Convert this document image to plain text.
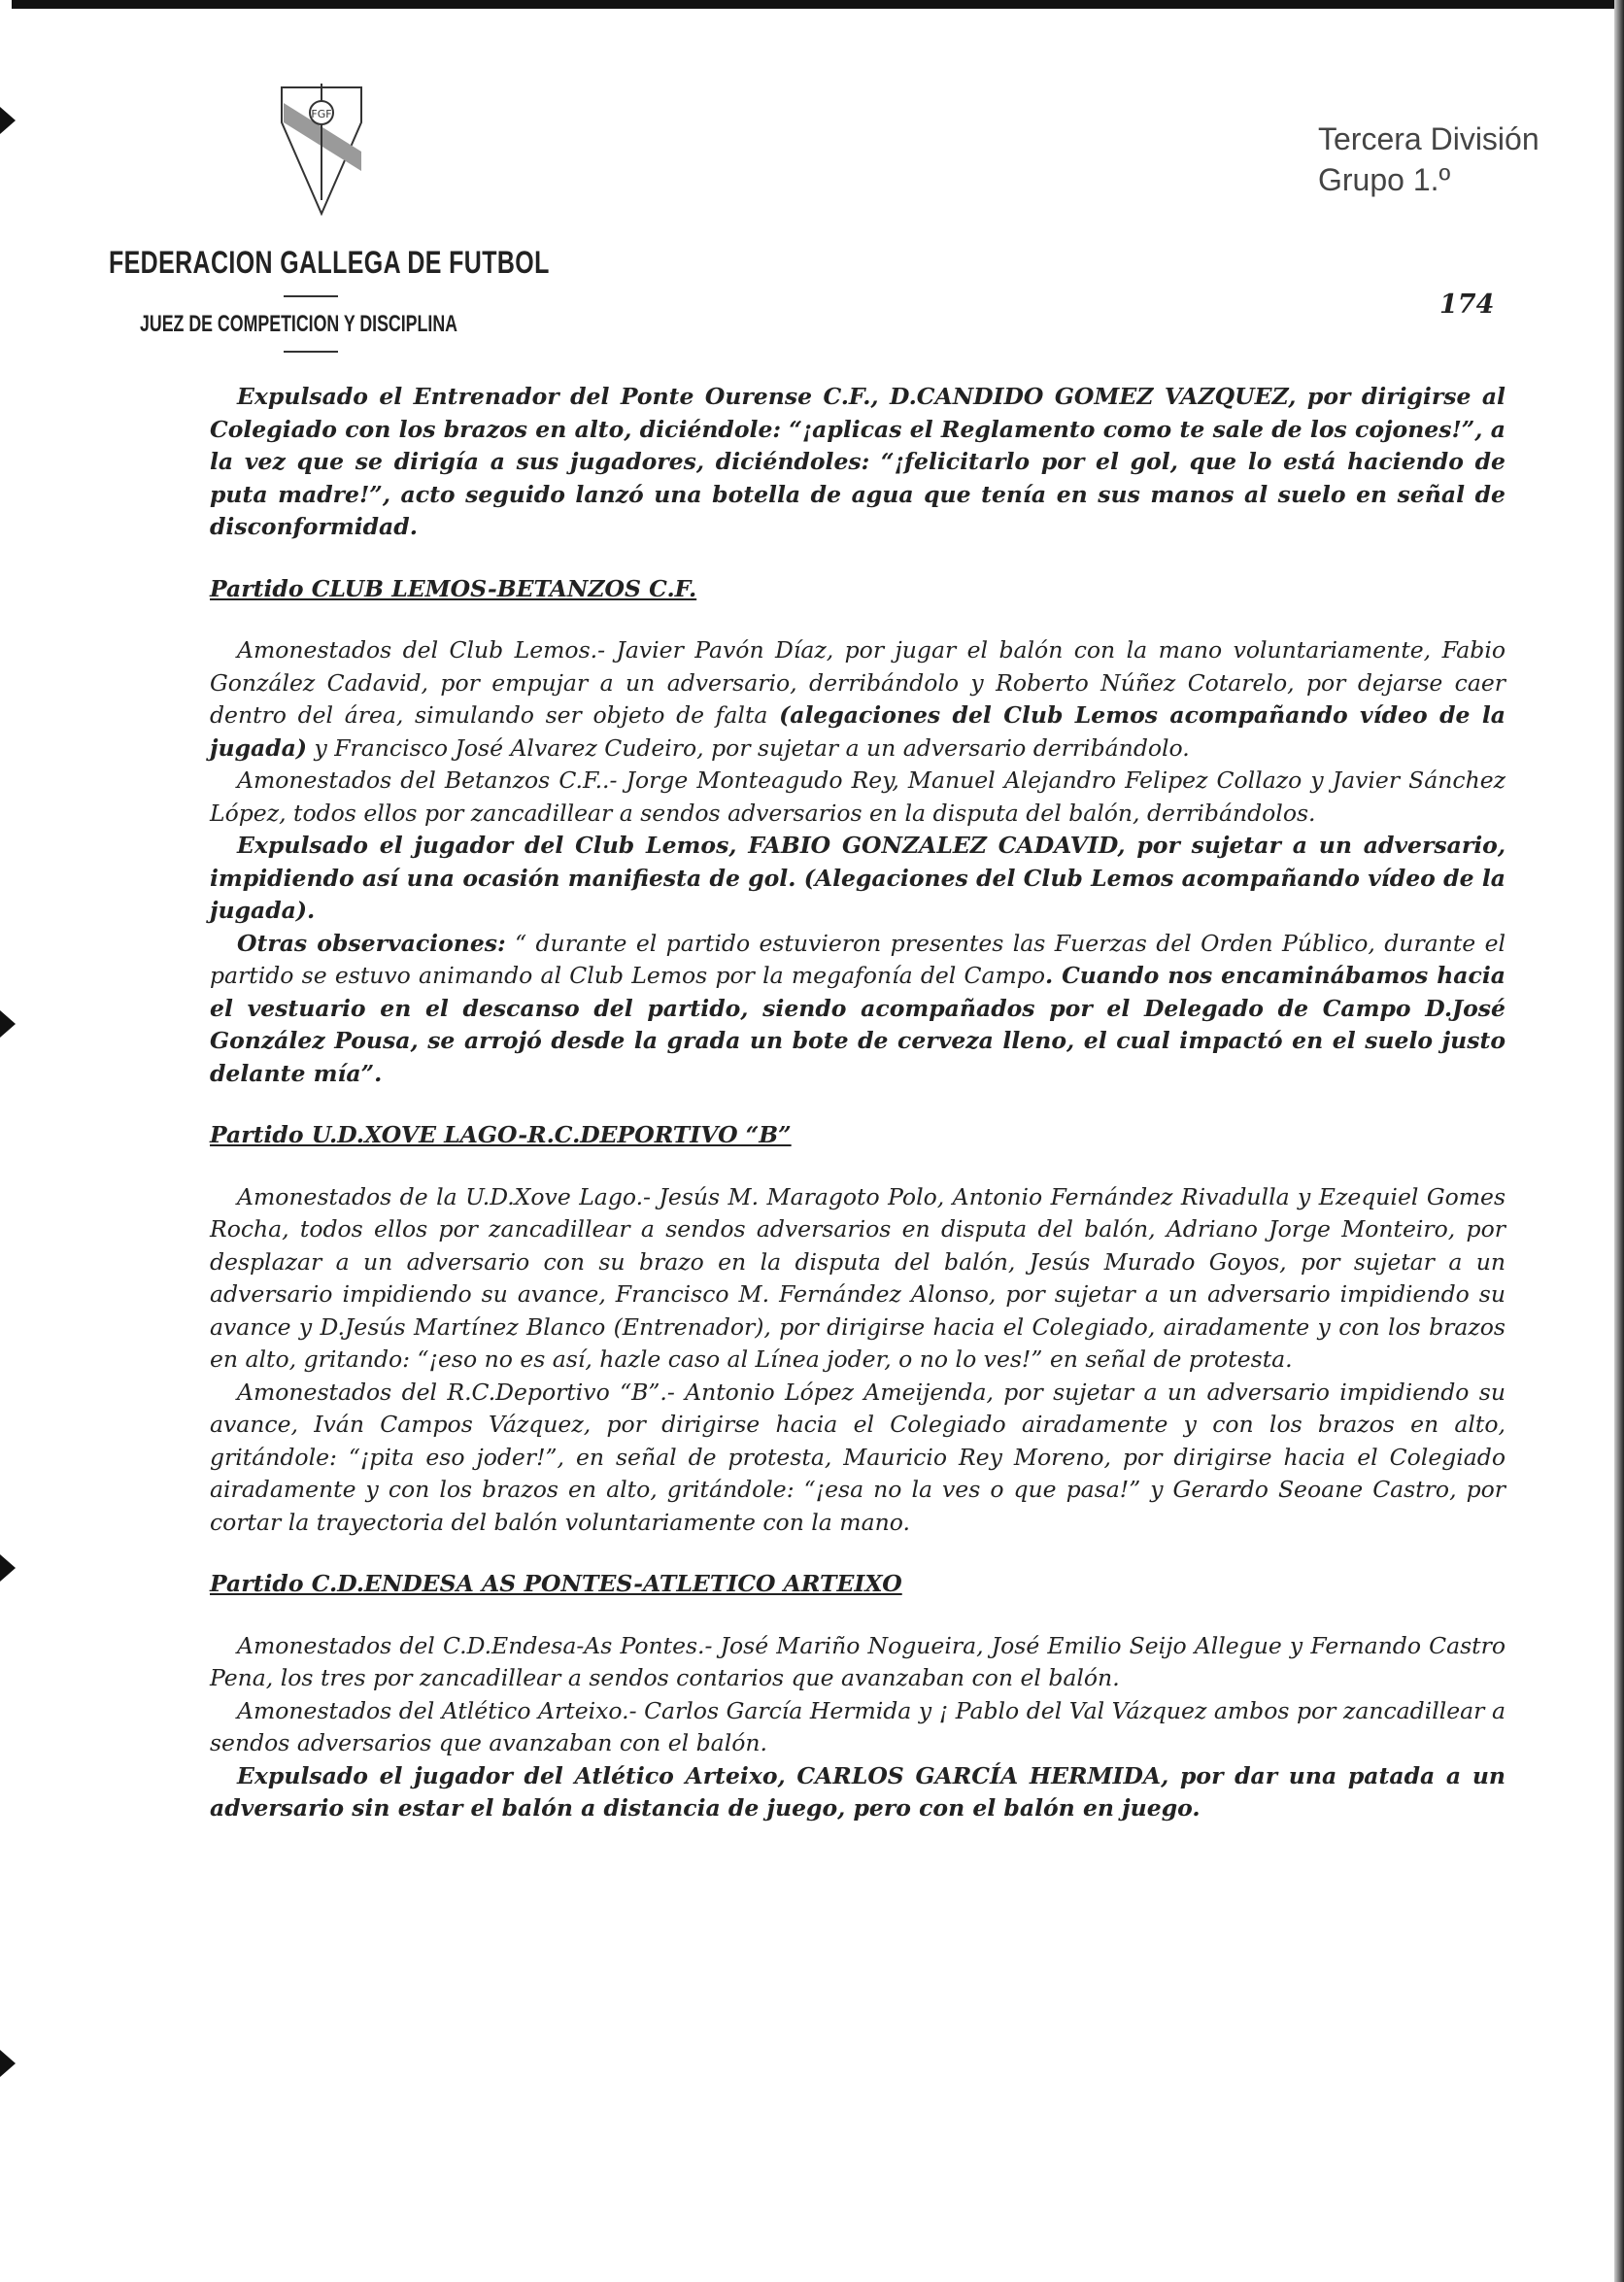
FGF
FEDERACION GALLEGA DE FUTBOL
JUEZ DE COMPETICION Y DISCIPLINA
Tercera División
Grupo 1.º
174

Expulsado el Entrenador del Ponte Ourense C.F., D.CANDIDO GOMEZ VAZQUEZ, por dirigirse al Colegiado con los brazos en alto, diciéndole: “¡aplicas el Reglamento como te sale de los cojones!”, a la vez que se dirigía a sus jugadores, diciéndoles: “¡felicitarlo por el gol, que lo está haciendo de puta madre!”, acto seguido lanzó una botella de agua que tenía en sus manos al suelo en señal de disconformidad.

Partido CLUB LEMOS-BETANZOS C.F.

Amonestados del Club Lemos.- Javier Pavón Díaz, por jugar el balón con la mano voluntariamente, Fabio González Cadavid, por empujar a un adversario, derribándolo y Roberto Núñez Cotarelo, por dejarse caer dentro del área, simulando ser objeto de falta (alegaciones del Club Lemos acompañando vídeo de la jugada) y Francisco José Alvarez Cudeiro, por sujetar a un adversario derribándolo.

Amonestados del Betanzos C.F..- Jorge Monteagudo Rey, Manuel Alejandro Felipez Collazo y Javier Sánchez López, todos ellos por zancadillear a sendos adversarios en la disputa del balón, derribándolos.

Expulsado el jugador del Club Lemos, FABIO GONZALEZ CADAVID, por sujetar a un adversario, impidiendo así una ocasión manifiesta de gol. (Alegaciones del Club Lemos acompañando vídeo de la jugada).

Otras observaciones: “ durante el partido estuvieron presentes las Fuerzas del Orden Público, durante el partido se estuvo animando al Club Lemos por la megafonía del Campo. Cuando nos encaminábamos hacia el vestuario en el descanso del partido, siendo acompañados por el Delegado de Campo D.José González Pousa, se arrojó desde la grada un bote de cerveza lleno, el cual impactó en el suelo justo delante mía”.

Partido U.D.XOVE LAGO-R.C.DEPORTIVO “B”

Amonestados de la U.D.Xove Lago.- Jesús M. Maragoto Polo, Antonio Fernández Rivadulla y Ezequiel Gomes Rocha, todos ellos por zancadillear a sendos adversarios en disputa del balón, Adriano Jorge Monteiro, por desplazar a un adversario con su brazo en la disputa del balón, Jesús Murado Goyos, por sujetar a un adversario impidiendo su avance, Francisco M. Fernández Alonso, por sujetar a un adversario impidiendo su avance y D.Jesús Martínez Blanco (Entrenador), por dirigirse hacia el Colegiado, airadamente y con los brazos en alto, gritando: “¡eso no es así, hazle caso al Línea joder, o no lo ves!” en señal de protesta.

Amonestados del R.C.Deportivo “B”.- Antonio López Ameijenda, por sujetar a un adversario impidiendo su avance, Iván Campos Vázquez, por dirigirse hacia el Colegiado airadamente y con los brazos en alto, gritándole: “¡pita eso joder!”, en señal de protesta, Mauricio Rey Moreno, por dirigirse hacia el Colegiado airadamente y con los brazos en alto, gritándole: “¡esa no la ves o que pasa!” y Gerardo Seoane Castro, por cortar la trayectoria del balón voluntariamente con la mano.

Partido C.D.ENDESA AS PONTES-ATLETICO ARTEIXO

Amonestados del C.D.Endesa-As Pontes.- José Mariño Nogueira, José Emilio Seijo Allegue y Fernando Castro Pena, los tres por zancadillear a sendos contarios que avanzaban con el balón.

Amonestados del Atlético Arteixo.- Carlos García Hermida y ¡ Pablo del Val Vázquez ambos por zancadillear a sendos adversarios que avanzaban con el balón.

Expulsado el jugador del Atlético Arteixo, CARLOS GARCÍA HERMIDA, por dar una patada a un adversario sin estar el balón a distancia de juego, pero con el balón en juego.
